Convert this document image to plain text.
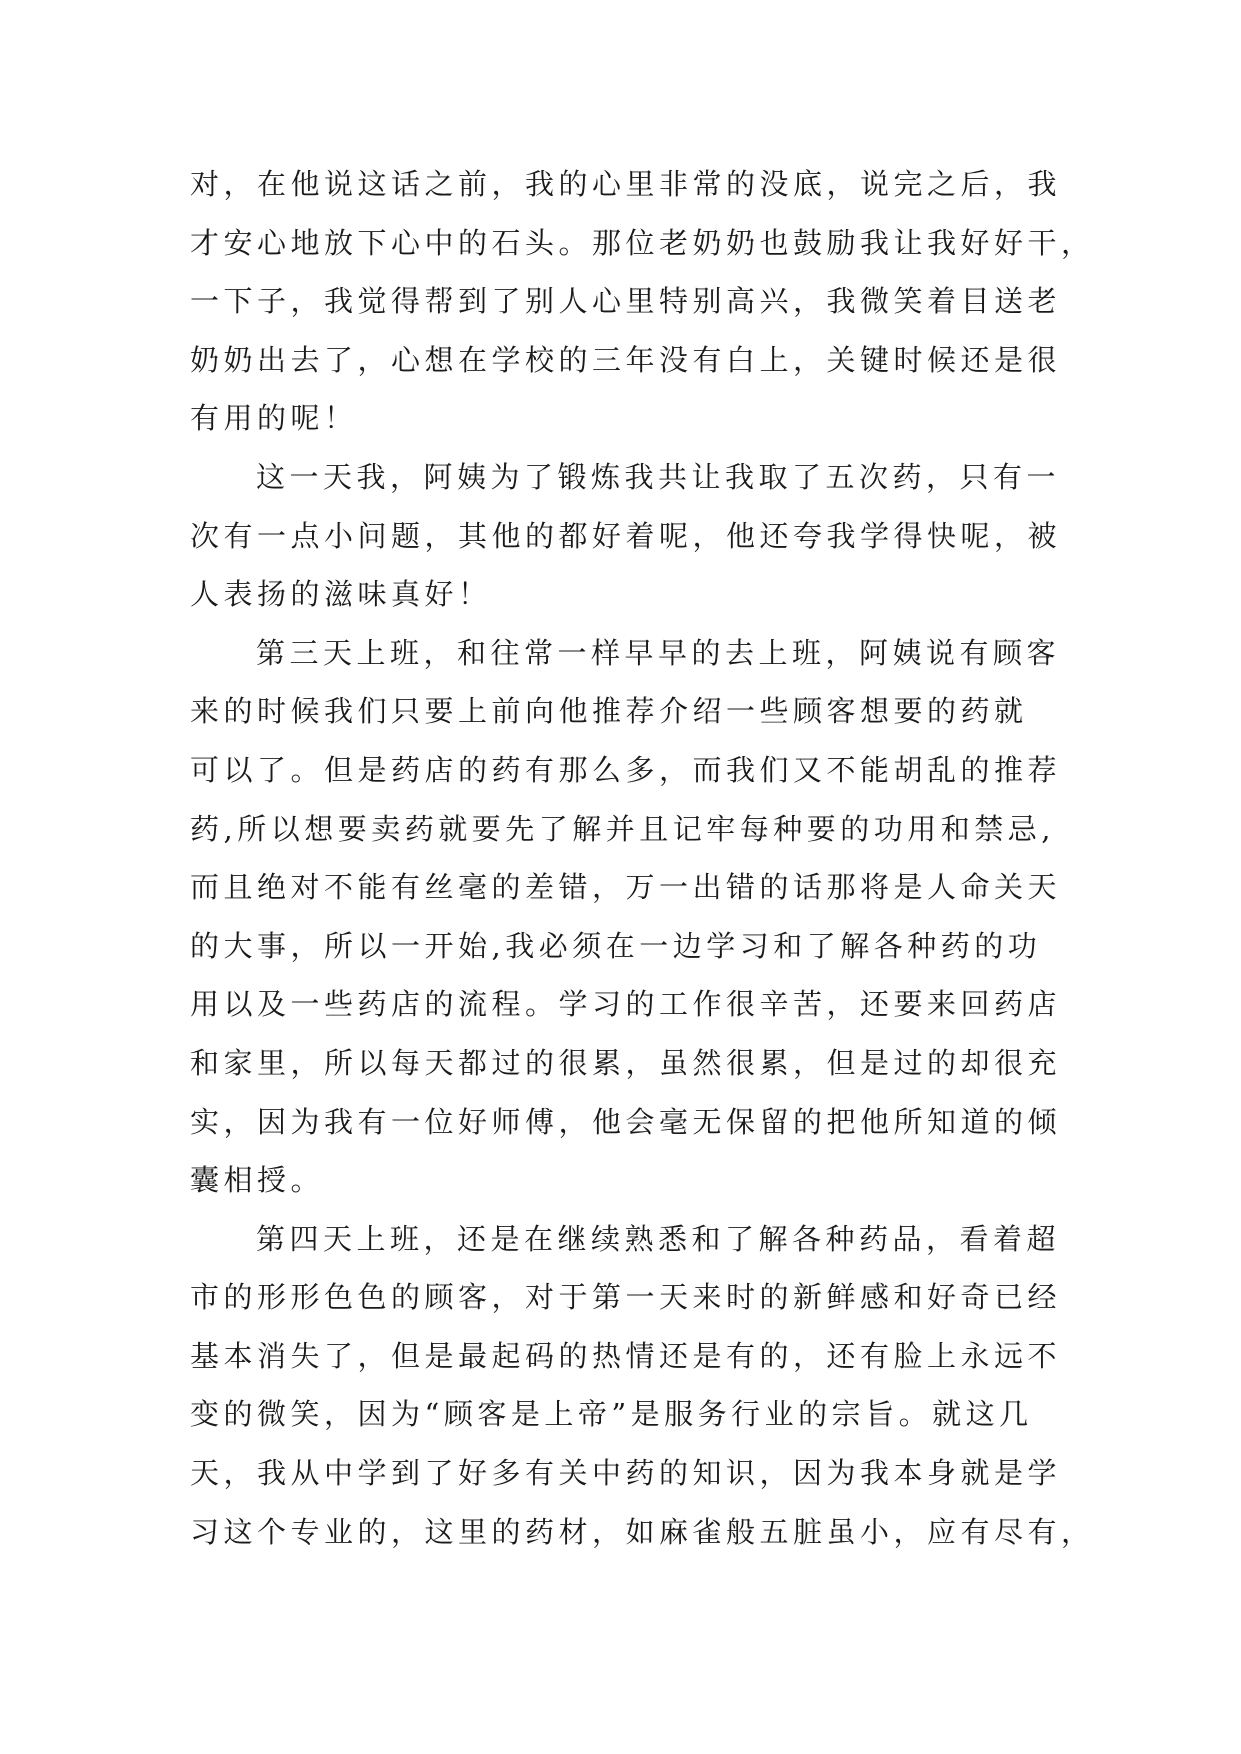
对，在他说这话之前，我的心里非常的没底，说完之后，我
才安心地放下心中的石头。那位老奶奶也鼓励我让我好好干，
一下子，我觉得帮到了别人心里特别高兴，我微笑着目送老
奶奶出去了，心想在学校的三年没有白上，关键时候还是很
有用的呢！
这一天我，阿姨为了锻炼我共让我取了五次药，只有一
次有一点小问题，其他的都好着呢，他还夸我学得快呢，被
人表扬的滋味真好！
第三天上班，和往常一样早早的去上班，阿姨说有顾客
来的时候我们只要上前向他推荐介绍一些顾客想要的药就
可以了。但是药店的药有那么多，而我们又不能胡乱的推荐
药,所以想要卖药就要先了解并且记牢每种要的功用和禁忌,
而且绝对不能有丝毫的差错，万一出错的话那将是人命关天
的大事，所以一开始,我必须在一边学习和了解各种药的功
用以及一些药店的流程。学习的工作很辛苦，还要来回药店
和家里，所以每天都过的很累，虽然很累，但是过的却很充
实，因为我有一位好师傅，他会毫无保留的把他所知道的倾
囊相授。
第四天上班，还是在继续熟悉和了解各种药品，看着超
市的形形色色的顾客，对于第一天来时的新鲜感和好奇已经
基本消失了，但是最起码的热情还是有的，还有脸上永远不
变的微笑，因为“顾客是上帝”是服务行业的宗旨。就这几
天，我从中学到了好多有关中药的知识，因为我本身就是学
习这个专业的，这里的药材，如麻雀般五脏虽小，应有尽有，
